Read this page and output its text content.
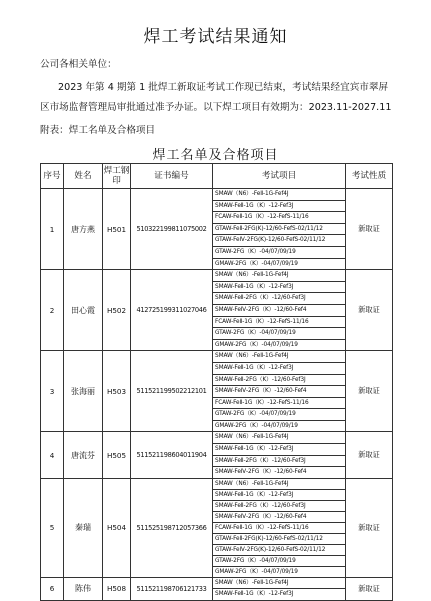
焊工考试结果通知
公司各相关单位：
2023 年第 4 期第 1 批焊工新取证考试工作现已结束，考试结果经宜宾市翠屏
区市场监督管理局审批通过准予办证。以下焊工项目有效期为：2023.11-2027.11
附表：焊工名单及合格项目
焊工名单及合格项目
序号	姓名	焊工钢印	证书编号	考试项目	考试性质
1	唐方燕	H501	510322199811075002	SMAW（N6）-FeⅡ-1G-Fef4J	新取证
				SMAW-FeⅡ-1G（K）-12-Fef3J	
				FCAW-FeⅡ-1G（K）-12-FefS-11/16	
				GTAW-FeⅡ-2FG(K)-12/60-FefS-02/11/12	
				GTAW-FeⅣ-2FG(K)-12/60-FefS-02/11/12	
				GTAW-2FG（K）-04/07/09/19	
				GMAW-2FG（K）-04/07/09/19	
2	田心霞	H502	412725199311027046	SMAW（N6）-FeⅡ-1G-Fef4J	新取证
				SMAW-FeⅡ-1G（K）-12-Fef3J	
				SMAW-FeⅡ-2FG（K）-12/60-Fef3J	
				SMAW-FeⅣ-2FG（K）-12/60-Fef4	
				FCAW-FeⅡ-1G（K）-12-FefS-11/16	
				GTAW-2FG（K）-04/07/09/19	
				GMAW-2FG（K）-04/07/09/19	
3	张海丽	H503	511521199502212101	SMAW（N6）-FeⅡ-1G-Fef4J	新取证
				SMAW-FeⅡ-1G（K）-12-Fef3J	
				SMAW-FeⅡ-2FG（K）-12/60-Fef3J	
				SMAW-FeⅣ-2FG（K）-12/60-Fef4	
				FCAW-FeⅡ-1G（K）-12-FefS-11/16	
				GTAW-2FG（K）-04/07/09/19	
				GMAW-2FG（K）-04/07/09/19	
4	唐流芬	H505	511521198604011904	SMAW（N6）-FeⅡ-1G-Fef4J	新取证
				SMAW-FeⅡ-1G（K）-12-Fef3J	
				SMAW-FeⅡ-2FG（K）-12/60-Fef3J	
				SMAW-FeⅣ-2FG（K）-12/60-Fef4	
5	秦瑞	H504	511525198712057366	SMAW（N6）-FeⅡ-1G-Fef4J	新取证
				SMAW-FeⅡ-1G（K）-12-Fef3J	
				SMAW-FeⅡ-2FG（K）-12/60-Fef3J	
				SMAW-FeⅣ-2FG（K）-12/60-Fef4	
				FCAW-FeⅡ-1G（K）-12-FefS-11/16	
				GTAW-FeⅡ-2FG(K)-12/60-FefS-02/11/12	
				GTAW-FeⅣ-2FG(K)-12/60-FefS-02/11/12	
				GTAW-2FG（K）-04/07/09/19	
				GMAW-2FG（K）-04/07/09/19	
6	陈伟	H508	511521198706121733	SMAW（N6）-FeⅡ-1G-Fef4J	新取证
				SMAW-FeⅡ-1G（K）-12-Fef3J	
